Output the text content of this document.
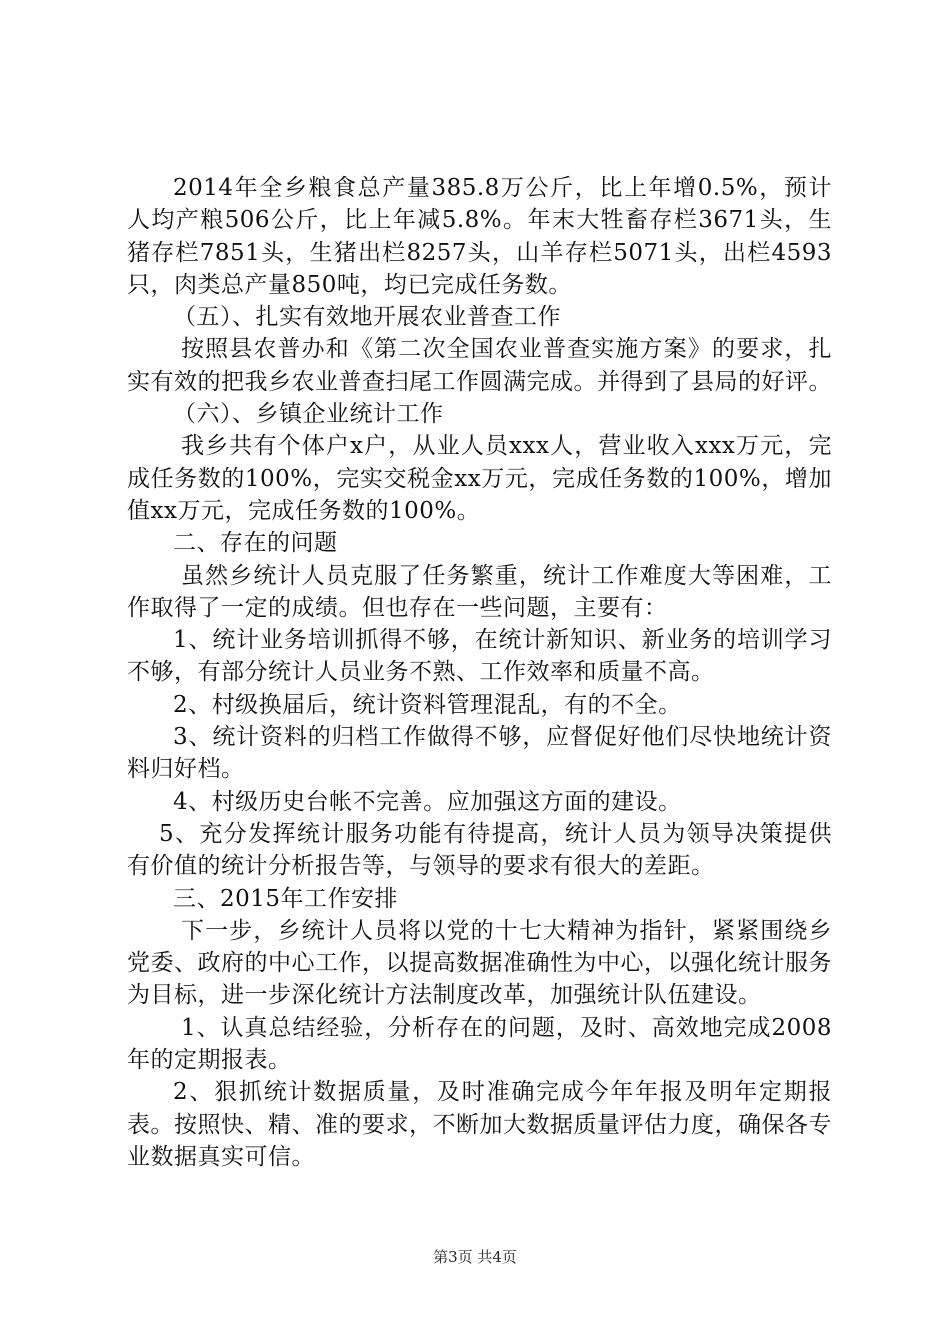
2014年全乡粮食总产量385.8万公斤，比上年增0.5%，预计人均产粮506公斤，比上年减5.8%。年末大牲畜存栏3671头，生猪存栏7851头，生猪出栏8257头，山羊存栏5071头，出栏4593只，肉类总产量850吨，均已完成任务数。

（五）、扎实有效地开展农业普查工作

按照县农普办和《第二次全国农业普查实施方案》的要求，扎实有效的把我乡农业普查扫尾工作圆满完成。并得到了县局的好评。

（六）、乡镇企业统计工作

我乡共有个体户x户，从业人员xxx人，营业收入xxx万元，完成任务数的100%，完实交税金xx万元，完成任务数的100%，增加值xx万元，完成任务数的100%。

二、存在的问题

虽然乡统计人员克服了任务繁重，统计工作难度大等困难，工作取得了一定的成绩。但也存在一些问题，主要有：

1、统计业务培训抓得不够，在统计新知识、新业务的培训学习不够，有部分统计人员业务不熟、工作效率和质量不高。

2、村级换届后，统计资料管理混乱，有的不全。

3、统计资料的归档工作做得不够，应督促好他们尽快地统计资料归好档。

4、村级历史台帐不完善。应加强这方面的建设。

5、充分发挥统计服务功能有待提高，统计人员为领导决策提供有价值的统计分析报告等，与领导的要求有很大的差距。

三、2015年工作安排

下一步，乡统计人员将以党的十七大精神为指针，紧紧围绕乡党委、政府的中心工作，以提高数据准确性为中心，以强化统计服务为目标，进一步深化统计方法制度改革，加强统计队伍建设。

1、认真总结经验，分析存在的问题，及时、高效地完成2008年的定期报表。

2、狠抓统计数据质量，及时准确完成今年年报及明年定期报表。按照快、精、准的要求，不断加大数据质量评估力度，确保各专业数据真实可信。

第3页 共4页
